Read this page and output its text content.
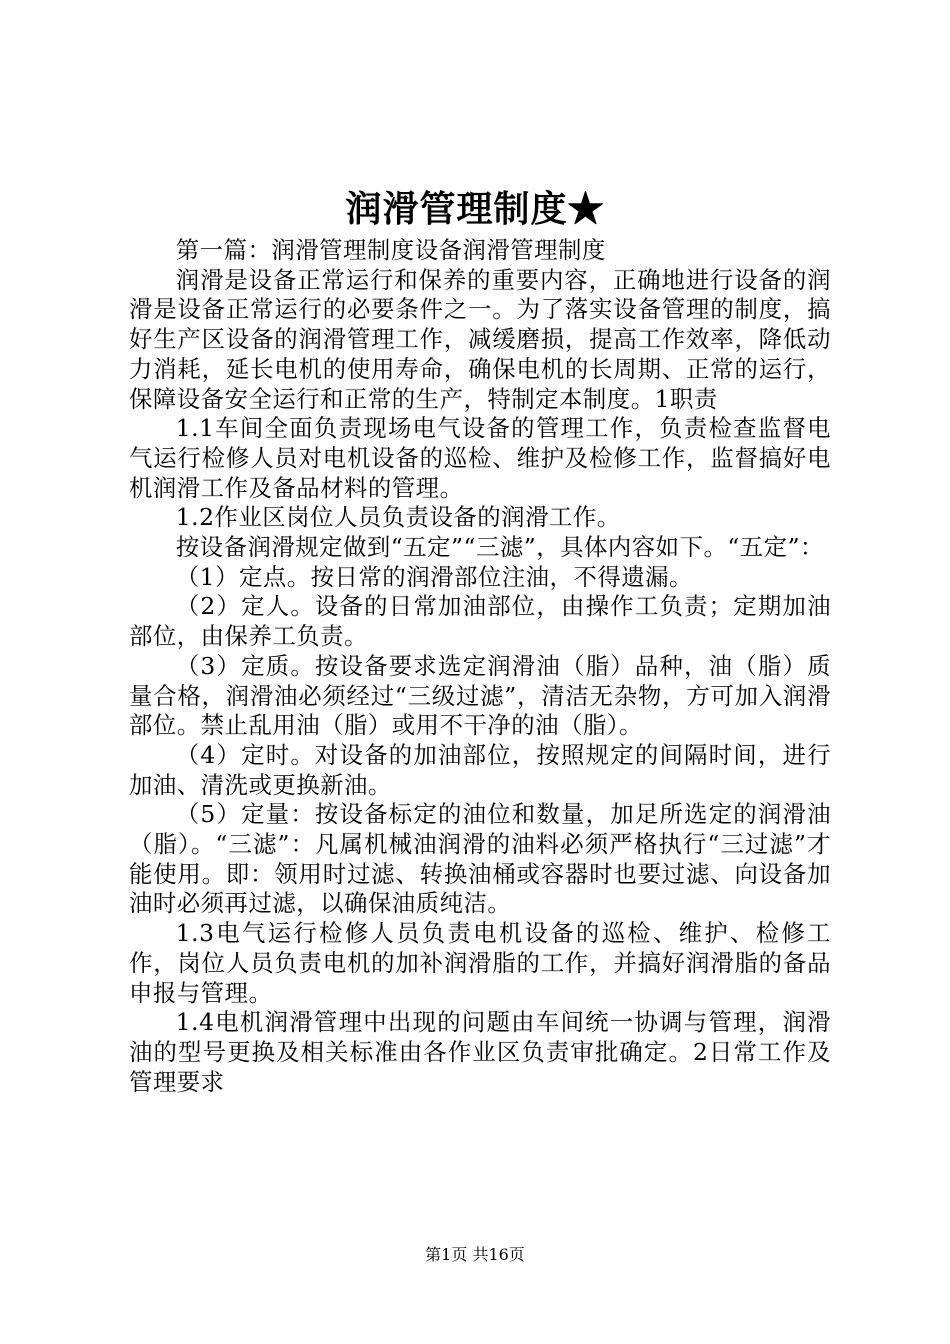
润滑管理制度★

第一篇：润滑管理制度设备润滑管理制度

润滑是设备正常运行和保养的重要内容，正确地进行设备的润滑是设备正常运行的必要条件之一。为了落实设备管理的制度，搞好生产区设备的润滑管理工作，减缓磨损，提高工作效率，降低动力消耗，延长电机的使用寿命，确保电机的长周期、正常的运行，保障设备安全运行和正常的生产，特制定本制度。1职责

1.1车间全面负责现场电气设备的管理工作，负责检查监督电气运行检修人员对电机设备的巡检、维护及检修工作，监督搞好电机润滑工作及备品材料的管理。

1.2作业区岗位人员负责设备的润滑工作。

按设备润滑规定做到“五定”“三滤”，具体内容如下。“五定”：

（1）定点。按日常的润滑部位注油，不得遗漏。

（2）定人。设备的日常加油部位，由操作工负责；定期加油部位，由保养工负责。

（3）定质。按设备要求选定润滑油（脂）品种，油（脂）质量合格，润滑油必须经过“三级过滤”，清洁无杂物，方可加入润滑部位。禁止乱用油（脂）或用不干净的油（脂）。

（4）定时。对设备的加油部位，按照规定的间隔时间，进行加油、清洗或更换新油。

（5）定量：按设备标定的油位和数量，加足所选定的润滑油（脂）。“三滤”：凡属机械油润滑的油料必须严格执行“三过滤”才能使用。即：领用时过滤、转换油桶或容器时也要过滤、向设备加油时必须再过滤，以确保油质纯洁。

1.3电气运行检修人员负责电机设备的巡检、维护、检修工作，岗位人员负责电机的加补润滑脂的工作，并搞好润滑脂的备品申报与管理。

1.4电机润滑管理中出现的问题由车间统一协调与管理，润滑油的型号更换及相关标准由各作业区负责审批确定。2日常工作及管理要求

第1页 共16页
